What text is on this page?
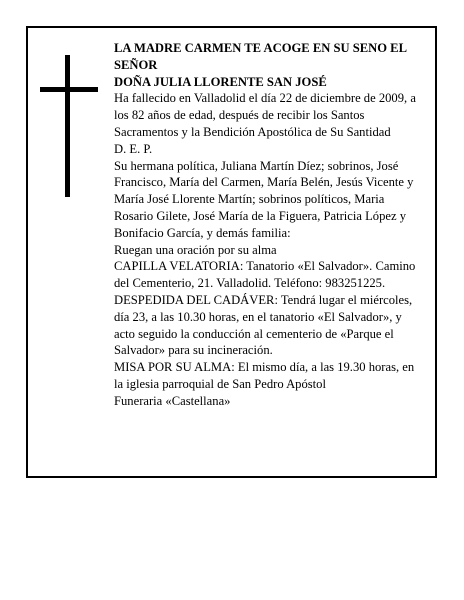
LA MADRE CARMEN TE ACOGE EN SU SENO EL SEÑOR

DOÑA JULIA LLORENTE SAN JOSÉ

Ha fallecido en Valladolid el día 22 de diciembre de 2009, a los 82 años de edad, después de recibir los Santos Sacramentos y la Bendición Apostólica de Su Santidad

D. E. P.

Su hermana política, Juliana Martín Díez; sobrinos, José Francisco, María del Carmen, María Belén, Jesús Vicente y María José Llorente Martín; sobrinos políticos, Maria Rosario Gilete, José María de la Figuera, Patricia López y Bonifacio García, y demás familia:

Ruegan una oración por su alma

CAPILLA VELATORIA: Tanatorio «El Salvador». Camino del Cementerio, 21. Valladolid. Teléfono: 983251225.

DESPEDIDA DEL CADÁVER: Tendrá lugar el miércoles, día 23, a las 10.30 horas, en el tanatorio «El Salvador», y acto seguido la conducción al cementerio de «Parque el Salvador» para su incineración.

MISA POR SU ALMA: El mismo día, a las 19.30 horas, en la iglesia parroquial de San Pedro Apóstol

Funeraria «Castellana»
